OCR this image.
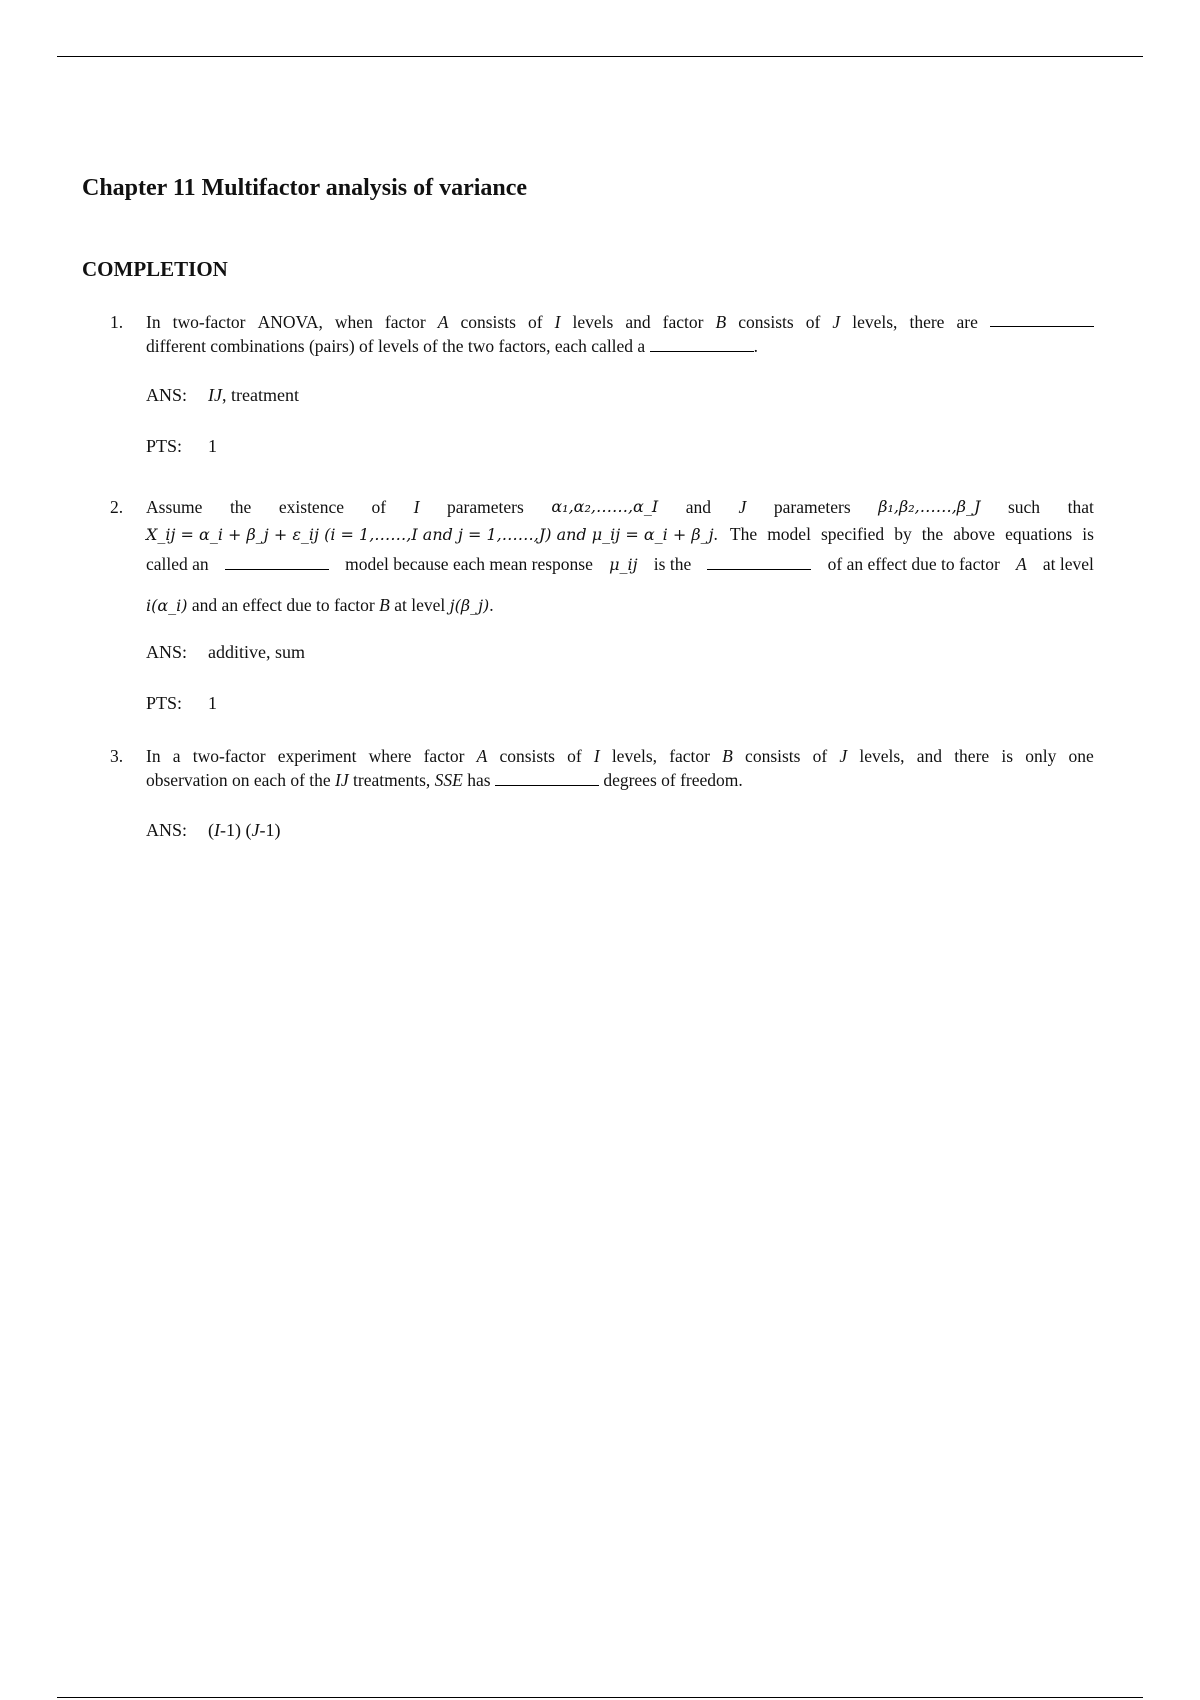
Chapter 11 Multifactor analysis of variance
COMPLETION
1. In two-factor ANOVA, when factor A consists of I levels and factor B consists of J levels, there are
different combinations (pairs) of levels of the two factors, each called a	.
ANS: IJ, treatment
PTS: 1
2. Assume the existence of I parameters α₁,α₂,……,α_I and J parameters β₁,β₂,……,β_J such that
X_ij = α_i + β_j + ε_ij (i = 1,……,I and j = 1,……,J) and μ_ij = α_i + β_j . The model specified by the above equations is
called an	model because each mean response μ_ij is the	of an effect due to factor A at level
i(α_i) and an effect due to factor B at level j(β_j).
ANS: additive, sum
PTS: 1
3. In a two-factor experiment where factor A consists of I levels, factor B consists of J levels, and there is only one
observation on each of the IJ treatments, SSE has	degrees of freedom.
ANS: (I-1) (J-1)
